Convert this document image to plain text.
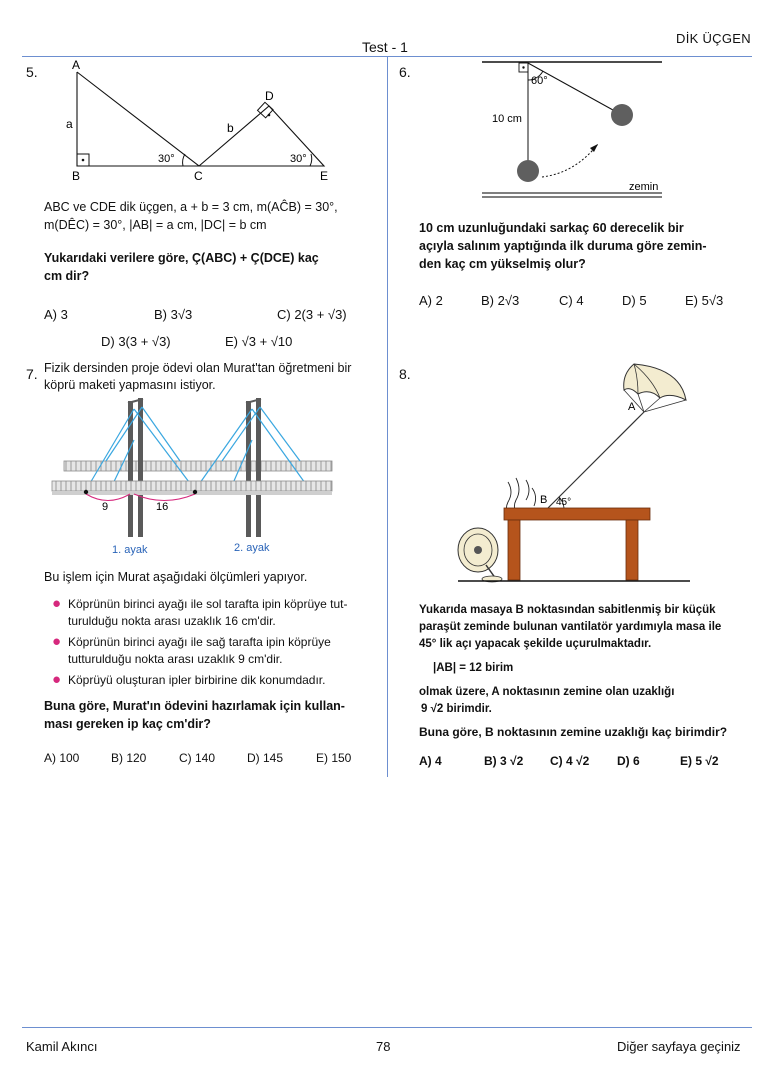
Test - 1
DİK ÜÇGEN
5.	A
B	C
D
E
a	b
30°	30°
ABC ve CDE dik üçgen, a + b = 3 cm, m(AĈB) = 30°,
m(DÊC) = 30°, |AB| = a cm, |DC| = b cm
Yukarıdaki verilere göre, Ç(ABC) + Ç(DCE) kaç
cm dir?
A) 3	B) 3√3	C) 2(3 + √3)
D) 3(3 + √3)	E) √3 + √10
6.
60°
10 cm
zemin
10 cm uzunluğundaki sarkaç 60 derecelik bir
açıyla salınım yaptığında ilk duruma göre zemin-
den kaç cm yükselmiş olur?
A) 2	B) 2√3	C) 4	D) 5	E) 5√3
7. Fizik dersinden proje ödevi olan Murat'tan öğretmeni bir
köprü maketi yapmasını istiyor.
9	16
1. ayak	2. ayak
Bu işlem için Murat aşağıdaki ölçümleri yapıyor.
● Köprünün birinci ayağı ile sol tarafta ipin köprüye tut-
turulduğu nokta arası uzaklık 16 cm'dir.
● Köprünün birinci ayağı ile sağ tarafta ipin köprüye
tutturulduğu nokta arası uzaklık 9 cm'dir.
● Köprüyü oluşturan ipler birbirine dik konumdadır.
Buna göre, Murat'ın ödevini hazırlamak için kullan-
ması gereken ip kaç cm'dir?
A) 100	B) 120	C) 140	D) 145	E) 150
8.
A
B 45°
Yukarıda masaya B noktasından sabitlenmiş bir küçük
paraşüt zeminde bulunan vantilatör yardımıyla masa ile
45° lik açı yapacak şekilde uçurulmaktadır.
|AB| = 12 birim
olmak üzere, A noktasının zemine olan uzaklığı
9 √2 birimdir.
Buna göre, B noktasının zemine uzaklığı kaç birimdir?
A) 4	B) 3 √2 C) 4 √2 D) 6	E) 5 √2
Kamil Akıncı	78	Diğer sayfaya geçiniz
